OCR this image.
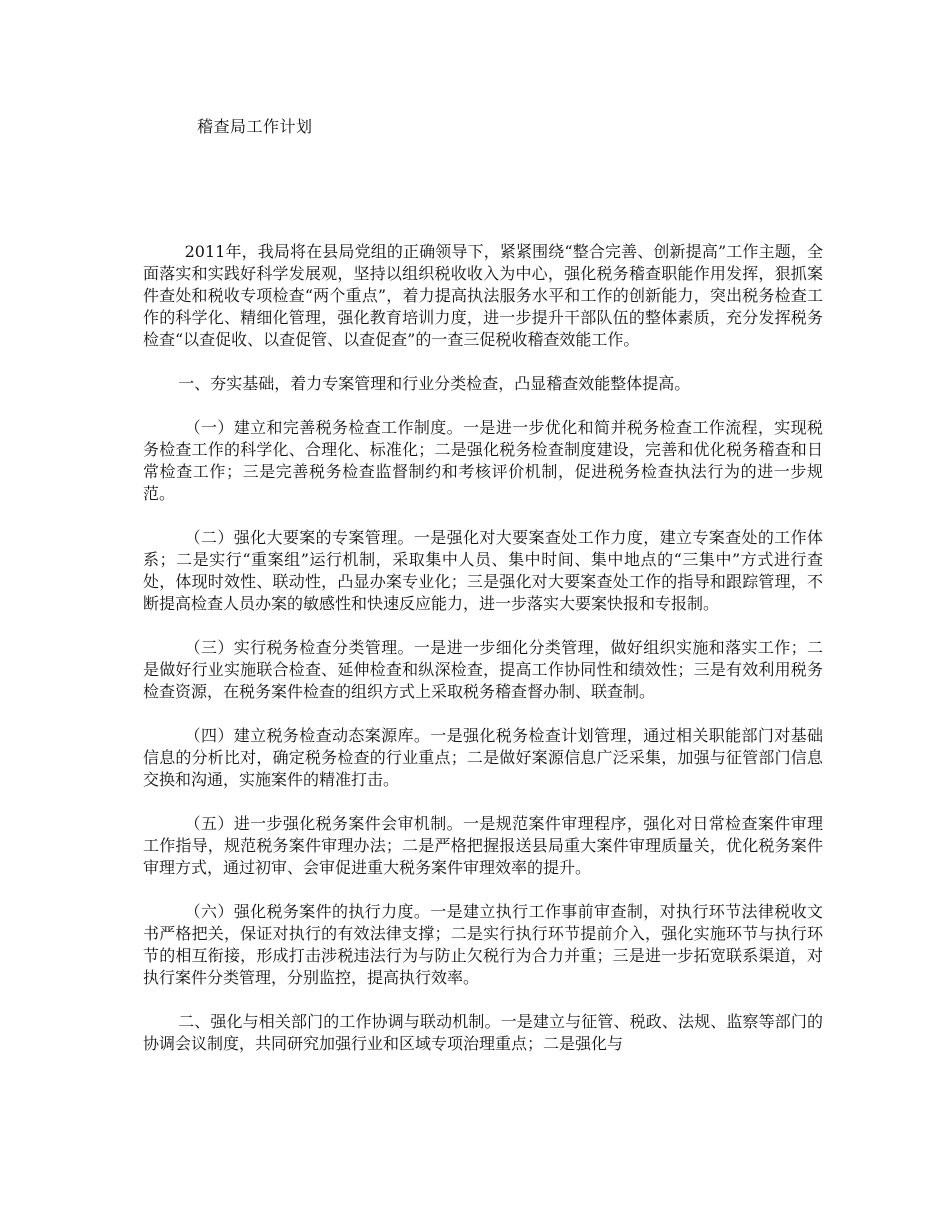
稽查局工作计划

2011年，我局将在县局党组的正确领导下，紧紧围绕“整合完善、创新提高”工作主题，全面落实和实践好科学发展观，坚持以组织税收收入为中心，强化税务稽查职能作用发挥，狠抓案件查处和税收专项检查“两个重点”，着力提高执法服务水平和工作的创新能力，突出税务检查工作的科学化、精细化管理，强化教育培训力度，进一步提升干部队伍的整体素质，充分发挥税务检查“以查促收、以查促管、以查促查”的一查三促税收稽查效能工作。

一、夯实基础，着力专案管理和行业分类检查，凸显稽查效能整体提高。

（一）建立和完善税务检查工作制度。一是进一步优化和简并税务检查工作流程，实现税务检查工作的科学化、合理化、标准化；二是强化税务检查制度建设，完善和优化税务稽查和日常检查工作；三是完善税务检查监督制约和考核评价机制，促进税务检查执法行为的进一步规范。

（二）强化大要案的专案管理。一是强化对大要案查处工作力度，建立专案查处的工作体系；二是实行“重案组”运行机制，采取集中人员、集中时间、集中地点的“三集中”方式进行查处，体现时效性、联动性，凸显办案专业化；三是强化对大要案查处工作的指导和跟踪管理，不断提高检查人员办案的敏感性和快速反应能力，进一步落实大要案快报和专报制。

（三）实行税务检查分类管理。一是进一步细化分类管理，做好组织实施和落实工作；二是做好行业实施联合检查、延伸检查和纵深检查，提高工作协同性和绩效性；三是有效利用税务检查资源，在税务案件检查的组织方式上采取税务稽查督办制、联查制。

（四）建立税务检查动态案源库。一是强化税务检查计划管理，通过相关职能部门对基础信息的分析比对，确定税务检查的行业重点；二是做好案源信息广泛采集，加强与征管部门信息交换和沟通，实施案件的精准打击。

（五）进一步强化税务案件会审机制。一是规范案件审理程序，强化对日常检查案件审理工作指导，规范税务案件审理办法；二是严格把握报送县局重大案件审理质量关，优化税务案件审理方式，通过初审、会审促进重大税务案件审理效率的提升。

（六）强化税务案件的执行力度。一是建立执行工作事前审查制，对执行环节法律税收文书严格把关，保证对执行的有效法律支撑；二是实行执行环节提前介入，强化实施环节与执行环节的相互衔接，形成打击涉税违法行为与防止欠税行为合力并重；三是进一步拓宽联系渠道，对执行案件分类管理，分别监控，提高执行效率。

二、强化与相关部门的工作协调与联动机制。一是建立与征管、税政、法规、监察等部门的协调会议制度，共同研究加强行业和区域专项治理重点；二是强化与
